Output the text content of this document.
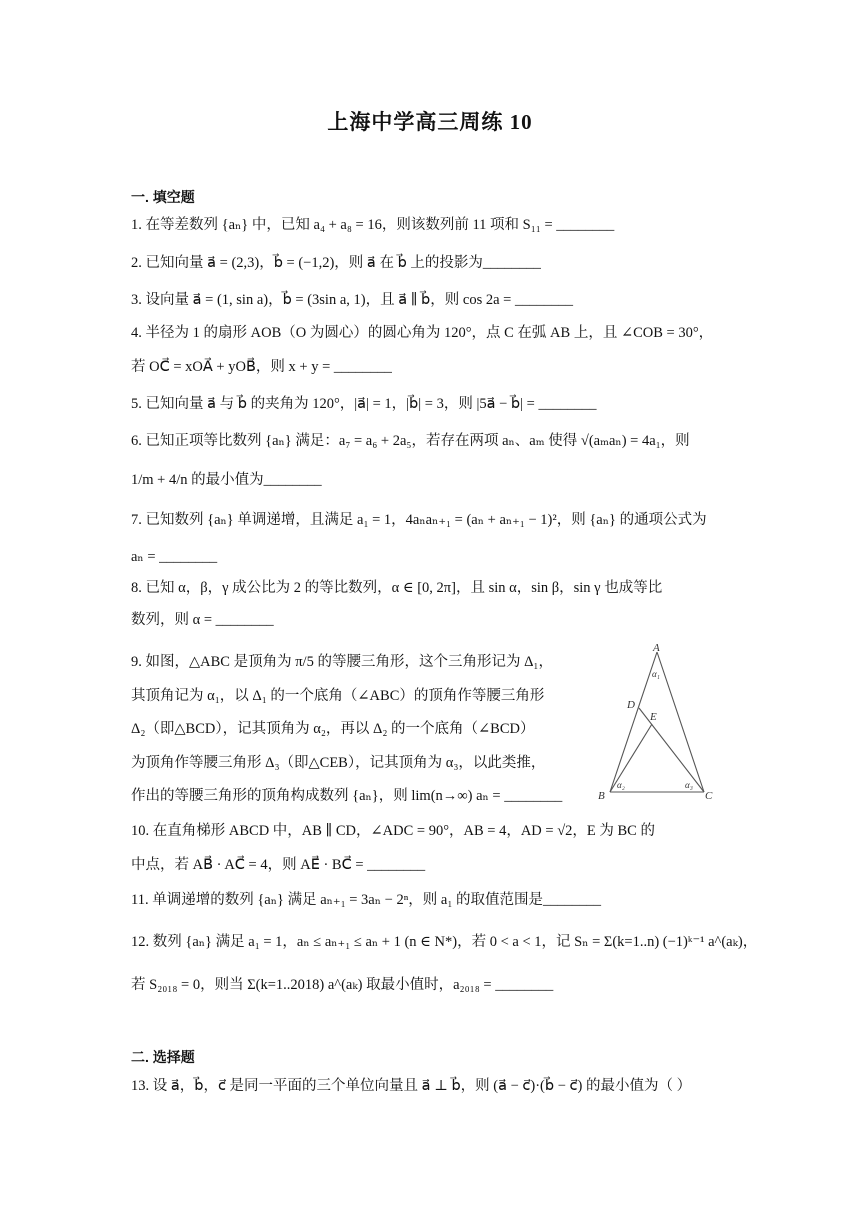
上海中学高三周练 10
一. 填空题
1. 在等差数列 {aₙ} 中，已知 a₄ + a₈ = 16，则该数列前 11 项和 S₁₁ = ________
2. 已知向量 a⃗ = (2,3)，b⃗ = (−1,2)，则 a⃗ 在 b⃗ 上的投影为________
3. 设向量 a⃗ = (1, sin a)，b⃗ = (3sin a, 1)，且 a⃗ ∥ b⃗，则 cos 2a = ________
4. 半径为 1 的扇形 AOB（O 为圆心）的圆心角为 120°，点 C 在弧 AB 上，且 ∠COB = 30°，
若 OC⃗ = xOA⃗ + yOB⃗，则 x + y = ________
5. 已知向量 a⃗ 与 b⃗ 的夹角为 120°，|a⃗| = 1，|b⃗| = 3，则 |5a⃗ − b⃗| = ________
6. 已知正项等比数列 {aₙ} 满足：a₇ = a₆ + 2a₅，若存在两项 aₙ、aₘ 使得 √(aₘaₙ) = 4a₁，则
1/m + 4/n 的最小值为________
7. 已知数列 {aₙ} 单调递增，且满足 a₁ = 1，4aₙaₙ₊₁ = (aₙ + aₙ₊₁ − 1)²，则 {aₙ} 的通项公式为
aₙ = ________
8. 已知 α，β，γ 成公比为 2 的等比数列，α ∈ [0, 2π]，且 sin α，sin β，sin γ 也成等比
数列，则 α = ________
9. 如图，△ABC 是顶角为 π/5 的等腰三角形，这个三角形记为 Δ₁，
其顶角记为 α₁，以 Δ₁ 的一个底角（∠ABC）的顶角作等腰三角形
Δ₂（即△BCD），记其顶角为 α₂，再以 Δ₂ 的一个底角（∠BCD）
为顶角作等腰三角形 Δ₃（即△CEB），记其顶角为 α₃，以此类推，
作出的等腰三角形的顶角构成数列 {aₙ}，则 lim(n→∞) aₙ = ________
10. 在直角梯形 ABCD 中，AB ∥ CD，∠ADC = 90°，AB = 4，AD = √2，E 为 BC 的
中点，若 AB⃗ · AC⃗ = 4，则 AE⃗ · BC⃗ = ________
11. 单调递增的数列 {aₙ} 满足 aₙ₊₁ = 3aₙ − 2ⁿ，则 a₁ 的取值范围是________
12. 数列 {aₙ} 满足 a₁ = 1，aₙ ≤ aₙ₊₁ ≤ aₙ + 1 (n ∈ N*)，若 0 < a < 1，记 Sₙ = Σ(k=1..n) (−1)ᵏ⁻¹ a^(aₖ)，
若 S₂₀₁₈ = 0，则当 Σ(k=1..2018) a^(aₖ) 取最小值时，a₂₀₁₈ = ________
二. 选择题
13. 设 a⃗，b⃗，c⃗ 是同一平面的三个单位向量且 a⃗ ⊥ b⃗，则 (a⃗ − c⃗)·(b⃗ − c⃗) 的最小值为（ ）
A
D
E
B	C
α₁
α₂	α₃
